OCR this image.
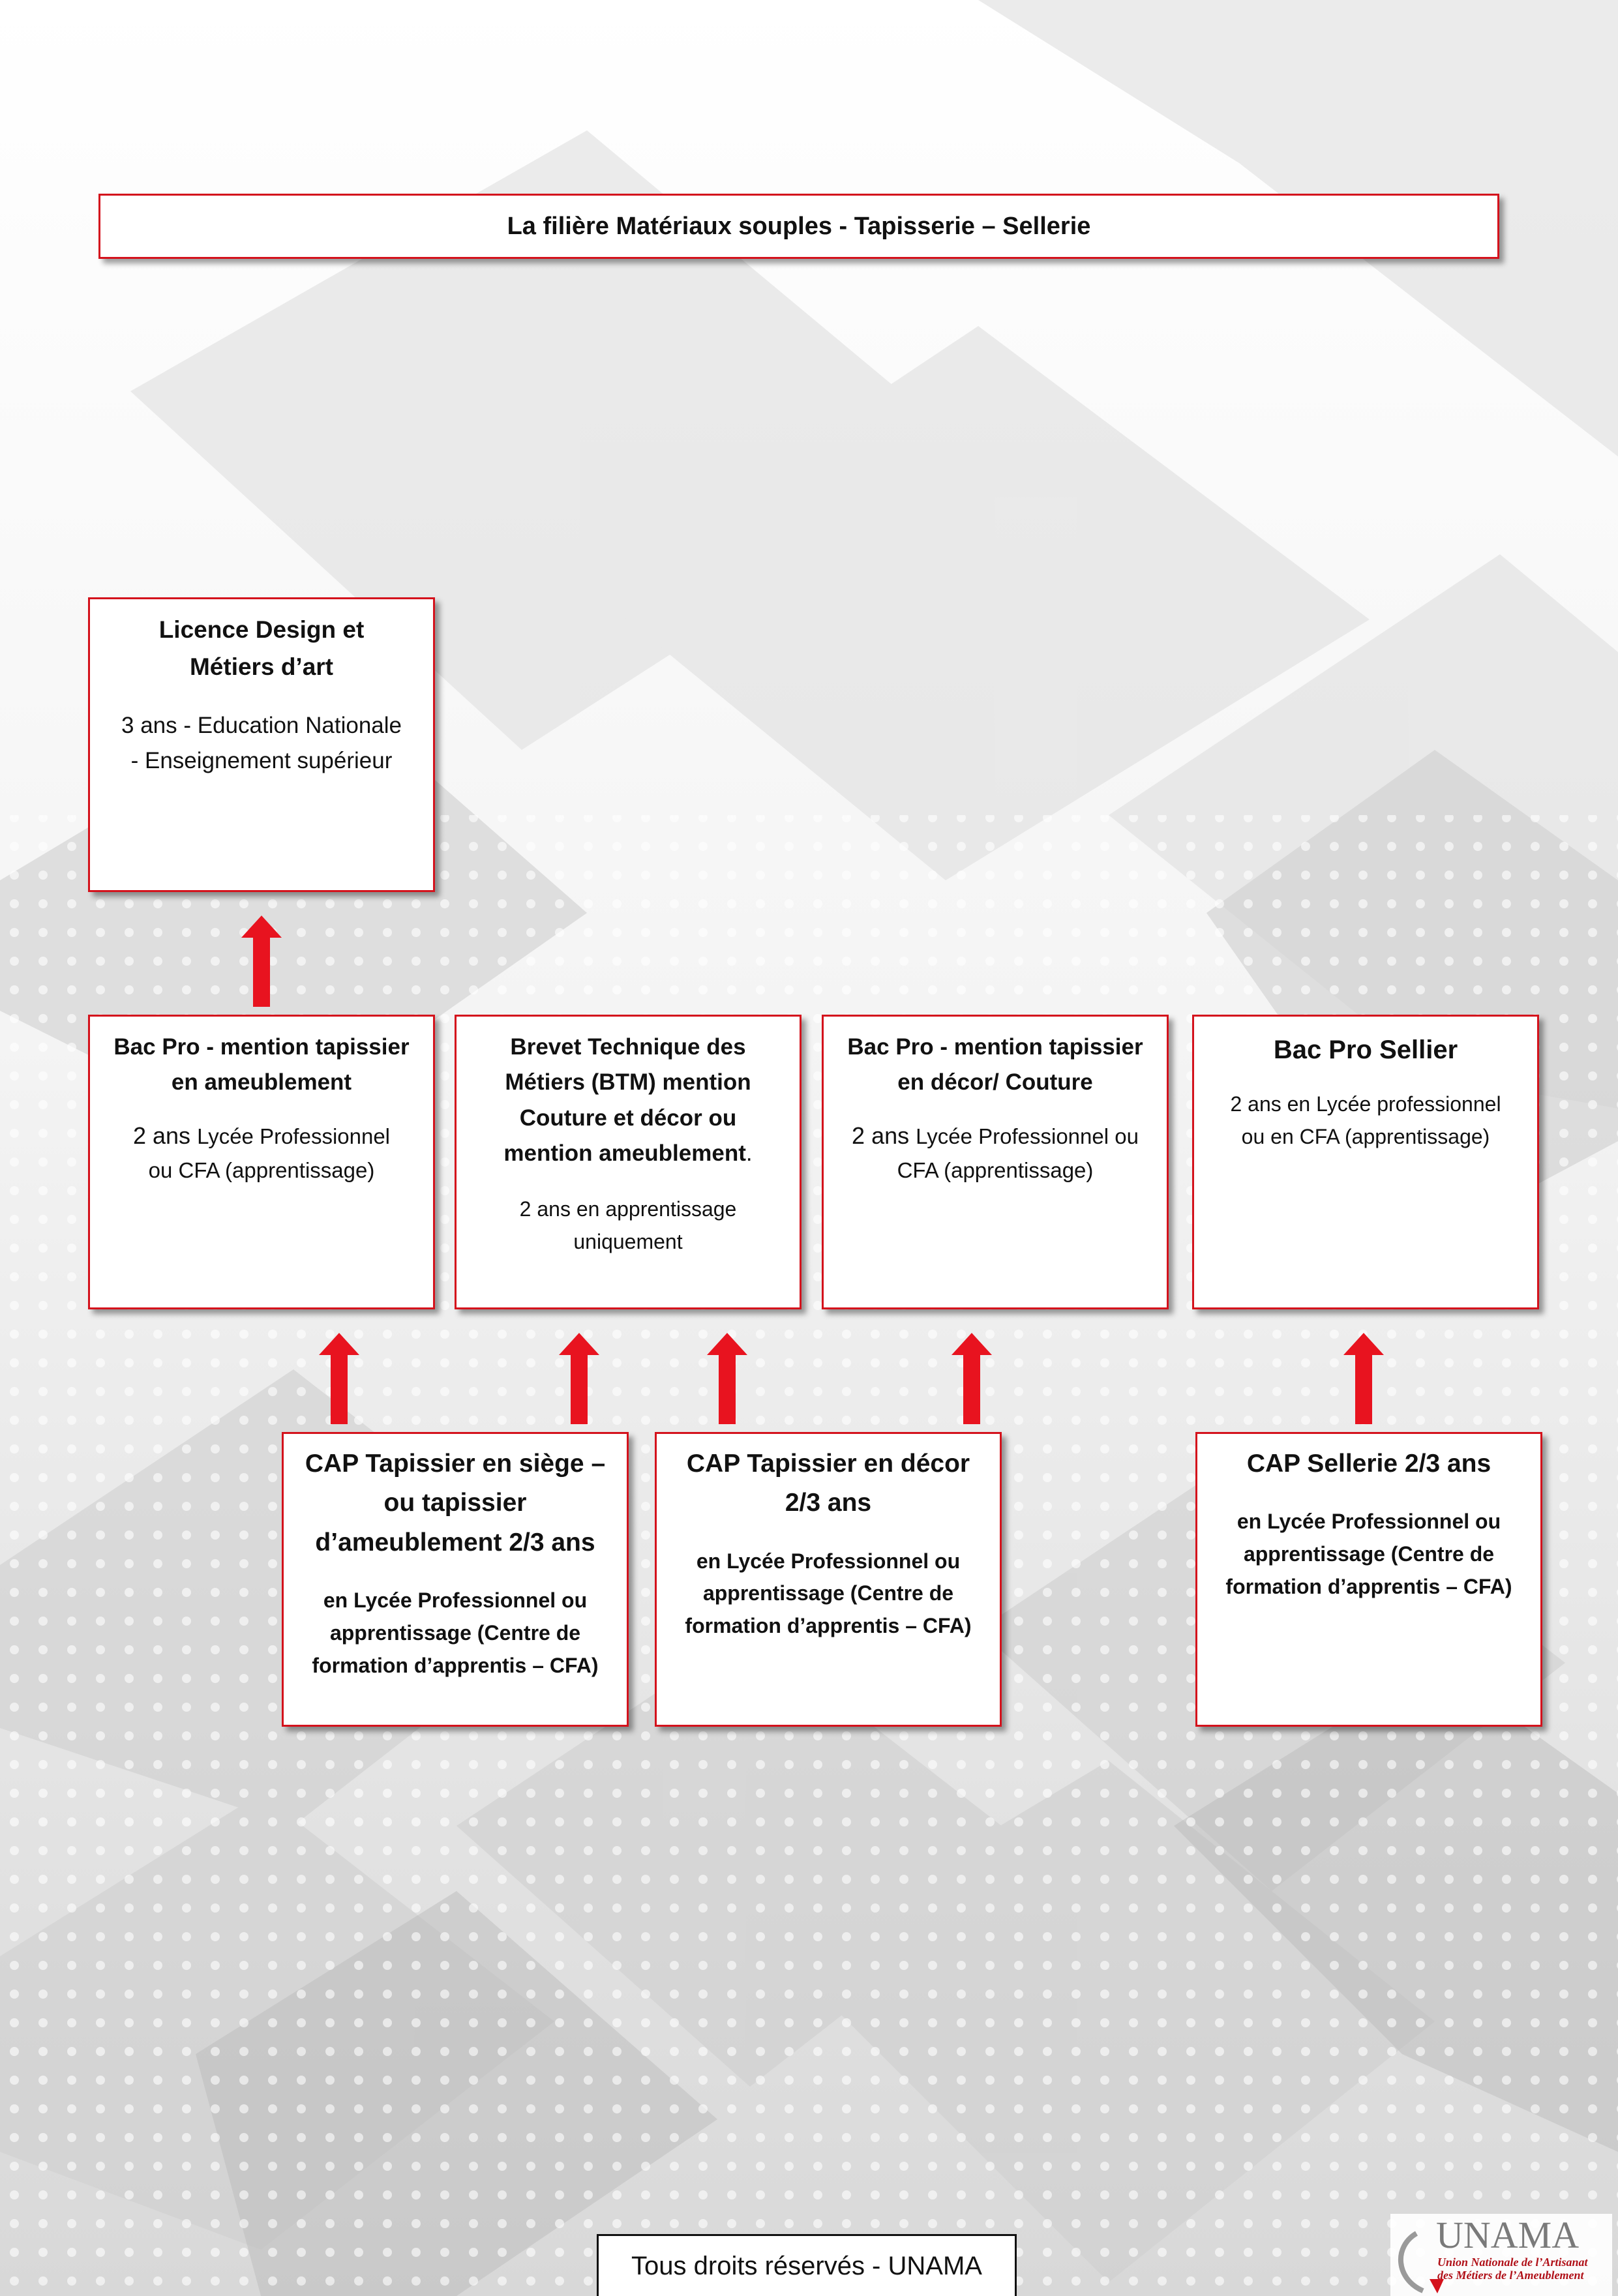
La filière Matériaux souples - Tapisserie – Sellerie

Licence Design et
Métiers d’art

3 ans - Education Nationale
- Enseignement supérieur

Bac Pro - mention tapissier
en ameublement

2 ans Lycée Professionnel
ou CFA (apprentissage)

Brevet Technique des
Métiers (BTM) mention
Couture et décor ou
mention ameublement.

2 ans en apprentissage
uniquement

Bac Pro - mention tapissier
en décor/ Couture

2 ans Lycée Professionnel ou
CFA (apprentissage)

Bac Pro Sellier

2 ans en Lycée professionnel
ou en CFA (apprentissage)

CAP Tapissier en siège –
ou tapissier
d’ameublement 2/3 ans

en Lycée Professionnel ou
apprentissage (Centre de
formation d’apprentis – CFA)

CAP Tapissier en décor
2/3 ans

en Lycée Professionnel ou
apprentissage (Centre de
formation d’apprentis – CFA)

CAP Sellerie 2/3 ans

en Lycée Professionnel ou
apprentissage (Centre de
formation d’apprentis – CFA)

Tous droits réservés - UNAMA
UNAMA
Union Nationale de l’Artisanat
des Métiers de l’Ameublement
